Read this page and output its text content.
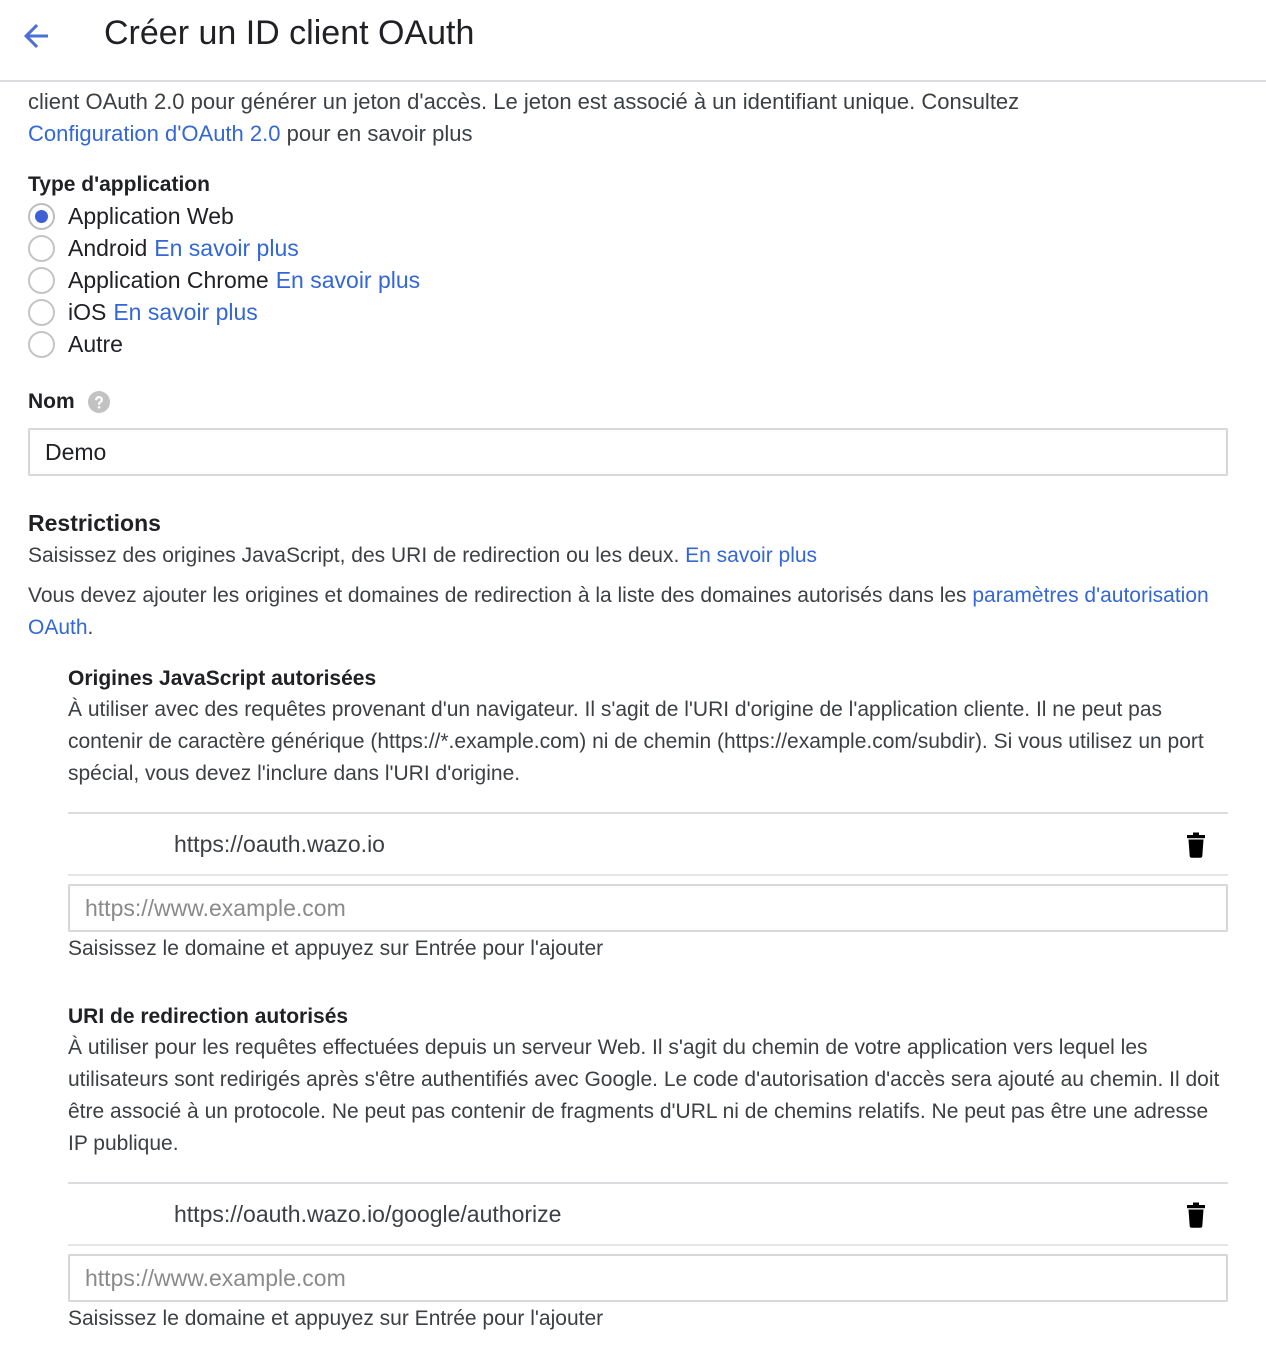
Créer un ID client OAuth

client OAuth 2.0 pour générer un jeton d'accès. Le jeton est associé à un identifiant unique. Consultez
Configuration d'OAuth 2.0 pour en savoir plus

Type d'application
Application Web
Android En savoir plus
Application Chrome En savoir plus
iOS En savoir plus
Autre
Nom
Demo
Restrictions

Saisissez des origines JavaScript, des URI de redirection ou les deux. En savoir plus

Vous devez ajouter les origines et domaines de redirection à la liste des domaines autorisés dans les paramètres d'autorisation OAuth.

Origines JavaScript autorisées

À utiliser avec des requêtes provenant d'un navigateur. Il s'agit de l'URI d'origine de l'application cliente. Il ne peut pas contenir de caractère générique (https://*.example.com) ni de chemin (https://example.com/subdir). Si vous utilisez un port spécial, vous devez l'inclure dans l'URI d'origine.

https://oauth.wazo.io
https://www.example.com

Saisissez le domaine et appuyez sur Entrée pour l'ajouter

URI de redirection autorisés

À utiliser pour les requêtes effectuées depuis un serveur Web. Il s'agit du chemin de votre application vers lequel les utilisateurs sont redirigés après s'être authentifiés avec Google. Le code d'autorisation d'accès sera ajouté au chemin. Il doit être associé à un protocole. Ne peut pas contenir de fragments d'URL ni de chemins relatifs. Ne peut pas être une adresse IP publique.

https://oauth.wazo.io/google/authorize
https://www.example.com

Saisissez le domaine et appuyez sur Entrée pour l'ajouter
